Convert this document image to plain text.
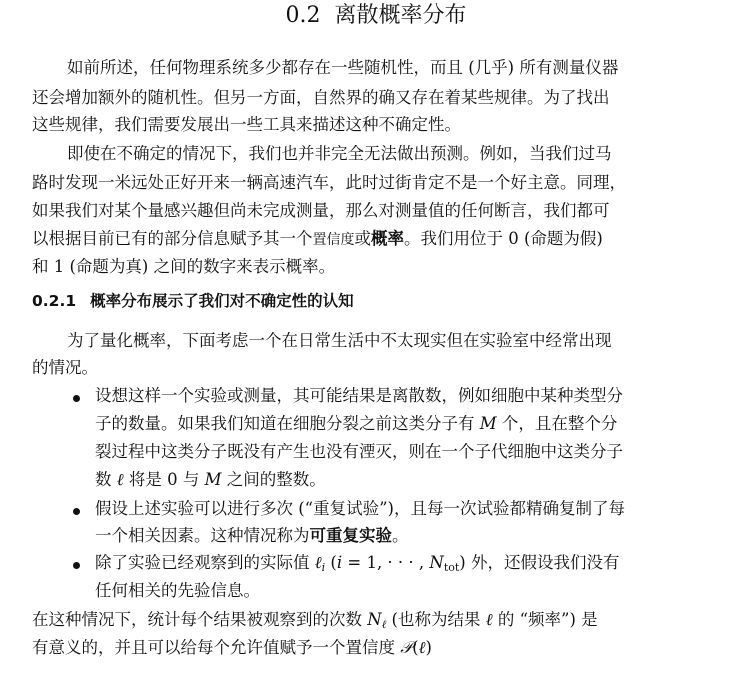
0.2 离散概率分布
如前所述，任何物理系统多少都存在一些随机性，而且 (几乎) 所有测量仪器
还会增加额外的随机性。但另一方面，自然界的确又存在着某些规律。为了找出
这些规律，我们需要发展出一些工具来描述这种不确定性。
即使在不确定的情况下，我们也并非完全无法做出预测。例如，当我们过马
路时发现一米远处正好开来一辆高速汽车，此时过街肯定不是一个好主意。同理，
如果我们对某个量感兴趣但尚未完成测量，那么对测量值的任何断言，我们都可
以根据目前已有的部分信息赋予其一个置信度或概率。我们用位于 0 (命题为假)
和 1 (命题为真) 之间的数字来表示概率。
0.2.1 概率分布展示了我们对不确定性的认知
为了量化概率，下面考虑一个在日常生活中不太现实但在实验室中经常出现
的情况。
设想这样一个实验或测量，其可能结果是离散数，例如细胞中某种类型分
子的数量。如果我们知道在细胞分裂之前这类分子有 M 个，且在整个分
裂过程中这类分子既没有产生也没有湮灭，则在一个子代细胞中这类分子
数 ℓ 将是 0 与 M 之间的整数。
假设上述实验可以进行多次 (“重复试验”)，且每一次试验都精确复制了每
一个相关因素。这种情况称为可重复实验。
除了实验已经观察到的实际值 ℓ$_i$ (i = 1, · · · , Ntot) 外，还假设我们没有
任何相关的先验信息。
在这种情况下，统计每个结果被观察到的次数 $N_\ell$ (也称为结果 ℓ 的 “频率”) 是
有意义的，并且可以给每个允许值赋予一个置信度 𝒫(ℓ)
